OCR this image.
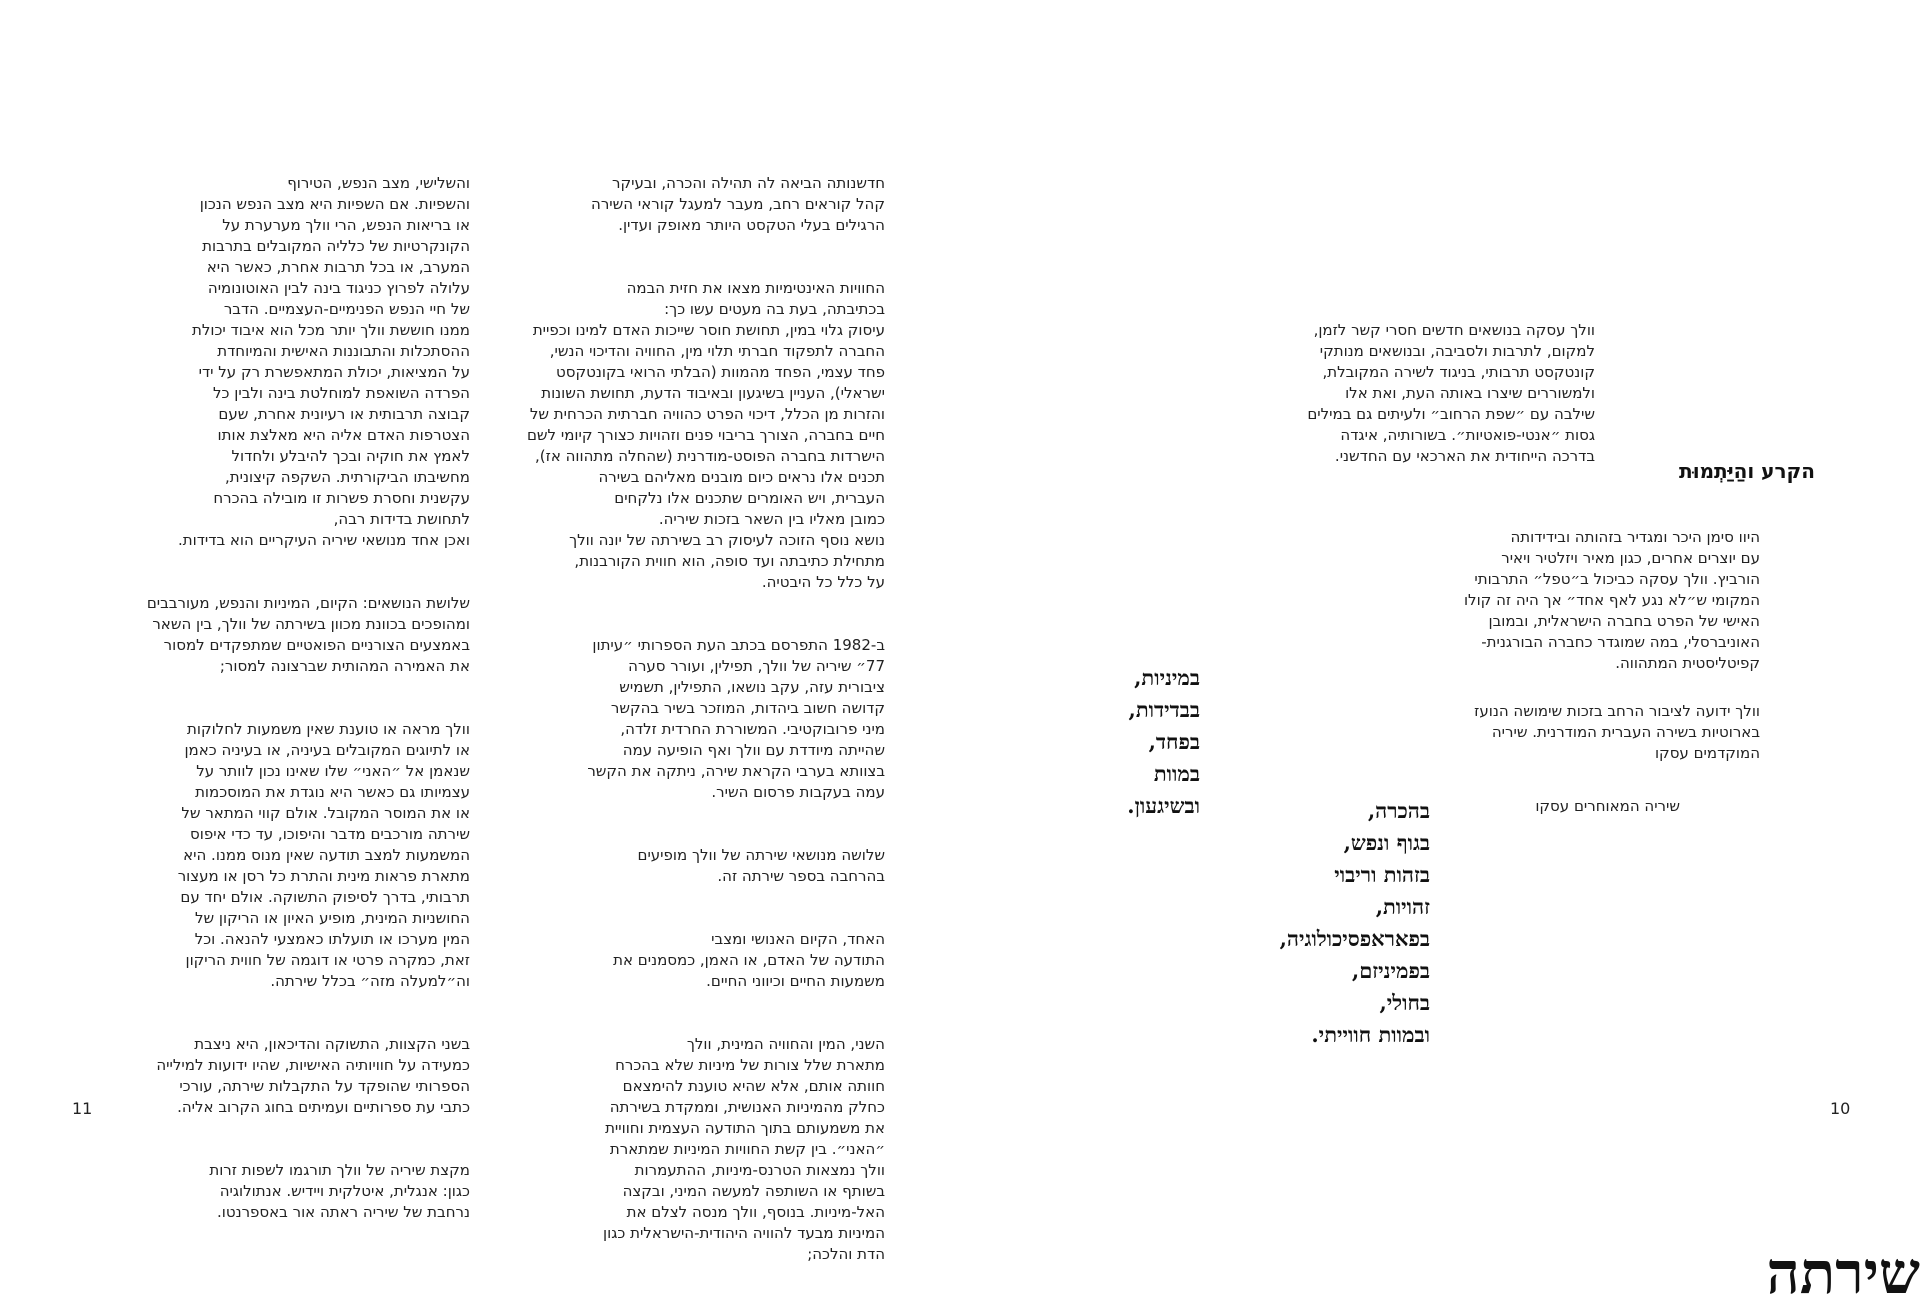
והשלישי, מצב הנפש, הטירוף
והשפיות. אם השפיות היא מצב הנפש הנכון
או בריאות הנפש, הרי וולך מערערת על
הקונקרטיות של כלליה המקובלים בתרבות
המערב, או בכל תרבות אחרת, כאשר היא
עלולה לפרוץ כניגוד בינה לבין האוטונומיה
של חיי הנפש הפנימיים-העצמיים. הדבר
ממנו חוששת וולך יותר מכל הוא איבוד יכולת
ההסתכלות והתבוננות האישית והמיוחדת
על המציאות, יכולת המתאפשרת רק על ידי
הפרדה השואפת למוחלטת בינה ולבין כל
קבוצה תרבותית או רעיונית אחרת, שעם
הצטרפות האדם אליה היא מאלצת אותו
לאמץ את חוקיה ובכך להיבלע ולחדול
מחשיבתו הביקורתית. השקפה קיצונית,
עקשנית וחסרת פשרות זו מובילה בהכרח
לתחושת בדידות רבה,
ואכן אחד מנושאי שיריה העיקריים הוא בדידות.

שלושת הנושאים: הקיום, המיניות והנפש, מעורבבים
ומהופכים בכוונת מכוון בשירתה של וולך, בין השאר
באמצעים הצורניים הפואטיים שמתפקדים למסור
את האמירה המהותית שברצונה למסור;

וולך מראה או טוענת שאין משמעות לחלוקות
או לתיוגים המקובלים בעיניה, או בעיניה כאמן
שנאמן אל ״האני״ שלו שאינו נכון לוותר על
עצמיותו גם כאשר היא נוגדת את המוסכמות
או את המוסר המקובל. אולם קווי המתאר של
שירתה מורכבים מדבר והיפוכו, עד כדי איפוס
המשמעות למצב תודעה שאין מנוס ממנו. היא
מתארת פראות מינית והתרת כל רסן או מעצור
תרבותי, בדרך לסיפוק התשוקה. אולם יחד עם
החושניות המינית, מופיע האיון או הריקון של
המין מערכו או תועלתו כאמצעי להנאה. וכל
זאת, כמקרה פרטי או דוגמה של חווית הריקון
וה״למעלה מזה״ בכלל שירתה.

בשני הקצוות, התשוקה והדיכאון, היא ניצבת
כמעידה על חוויותיה האישיות, שהיו ידועות למילייה
הספרותי שהופקד על התקבלות שירתה, עורכי
כתבי עת ספרותיים ועמיתים בחוג הקרוב אליה.

מקצת שיריה של וולך תורגמו לשפות זרות
כגון: אנגלית, איטלקית ויידיש. אנתולוגיה
נרחבת של שיריה ראתה אור באספרנטו.

חדשנותה הביאה לה תהילה והכרה, ובעיקר
קהל קוראים רחב, מעבר למעגל קוראי השירה
הרגילים בעלי הטקסט היותר מאופק ועדין.

החוויות האינטימיות מצאו את חזית הבמה
בכתיבתה, בעת בה מעטים עשו כך:
עיסוק גלוי במין, תחושת חוסר שייכות האדם למינו וכפיית
החברה לתפקוד חברתי תלוי מין, החוויה והדיכוי הנשי,
פחד עצמי, הפחד מהמוות (הבלתי הרואי בקונטקסט
ישראלי), העניין בשיגעון ובאיבוד הדעת, תחושת השונות
והזרות מן הכלל, דיכוי הפרט כהוויה חברתית הכרחית של
חיים בחברה, הצורך בריבוי פנים וזהויות כצורך קיומי לשם
הישרדות בחברה הפוסט-מודרנית (שהחלה מתהווה אז),
תכנים אלו נראים כיום מובנים מאליהם בשירה
העברית, ויש האומרים שתכנים אלו נלקחים
כמובן מאליו בין השאר בזכות שיריה.
נושא נוסף הזוכה לעיסוק רב בשירתה של יונה וולך
מתחילת כתיבתה ועד סופה, הוא חווית הקורבנות,
על כלל כל היבטיה.

ב-1982 התפרסם בכתב העת הספרותי ״עיתון
77״ שיריה של וולך, תפילין, ועורר סערה
ציבורית עזה, עקב נושאו, התפילין, תשמיש
קדושה חשוב ביהדות, המוזכר בשיר בהקשר
מיני פרובוקטיבי. המשוררת החרדית זלדה,
שהייתה מיודדת עם וולך ואף הופיעה עמה
בצוותא בערבי הקראת שירה, ניתקה את הקשר
עמה בעקבות פרסום השיר.

שלושה מנושאי שירתה של וולך מופיעים
בהרחבה בספר שירתה זה.

האחד, הקיום האנושי ומצבי
התודעה של האדם, או האמן, כמסמנים את
משמעות החיים וכיווני החיים.

השני, המין והחוויה המינית, וולך
מתארת שלל צורות של מיניות שלא בהכרח
חוותה אותם, אלא שהיא טוענת להימצאם
כחלק מהמיניות האנושית, וממקדת בשירתה
את משמעותם בתוך התודעה העצמית וחוויית
״האני״. בין קשת החוויות המיניות שמתארת
וולך נמצאות הטרנס-מיניות, ההתעמרות
בשותף או השותפה למעשה המיני, ובקצה
האל-מיניות. בנוסף, וולך מנסה לצלם את
המיניות מבעד להוויה היהודית-הישראלית כגון
הדת והלכה;

11
וולך עסקה בנושאים חדשים חסרי קשר לזמן,
למקום, לתרבות ולסביבה, ובנושאים מנותקי
קונטקסט תרבותי, בניגוד לשירה המקובלת,
ולמשוררים שיצרו באותה העת, ואת אלו
שילבה עם ״שפת הרחוב״ ולעיתים גם במילים
גסות ״אנטי-פואטיות״. בשורותיה, איגדה
בדרכה הייחודית את הארכאי עם החדשני.
הקרע והַיַּתְמוּת

היוו סימן היכר ומגדיר בזהותה ובידידותה
עם יוצרים אחרים, כגון מאיר ויזלטיר ויאיר
הורביץ. וולך עסקה כביכול ב״טפל״ התרבותי
המקומי ש״לא נגע לאף אחד״ אך היה זה קולו
האישי של הפרט בחברה הישראלית, ובמובן
האוניברסלי, במה שמוגדר כחברה הבורגנית-
קפיטליסטית המתהווה.

וולך ידועה לציבור הרחב בזכות שימושה הנועז
בארוטיות בשירה העברית המודרנית. שיריה
המוקדמים עסקו

שיריה המאוחרים עסקו
בהכרה,
בגוף ונפש,
בזהות וריבוי
זהויות,
בפאראפסיכולוגיה,
בפמיניזם,
בחולי,
ובמוות חווייתי.
במיניות,
בבדידות,
בפחד,
במוות
ובשיגעון.
10
שירתה
